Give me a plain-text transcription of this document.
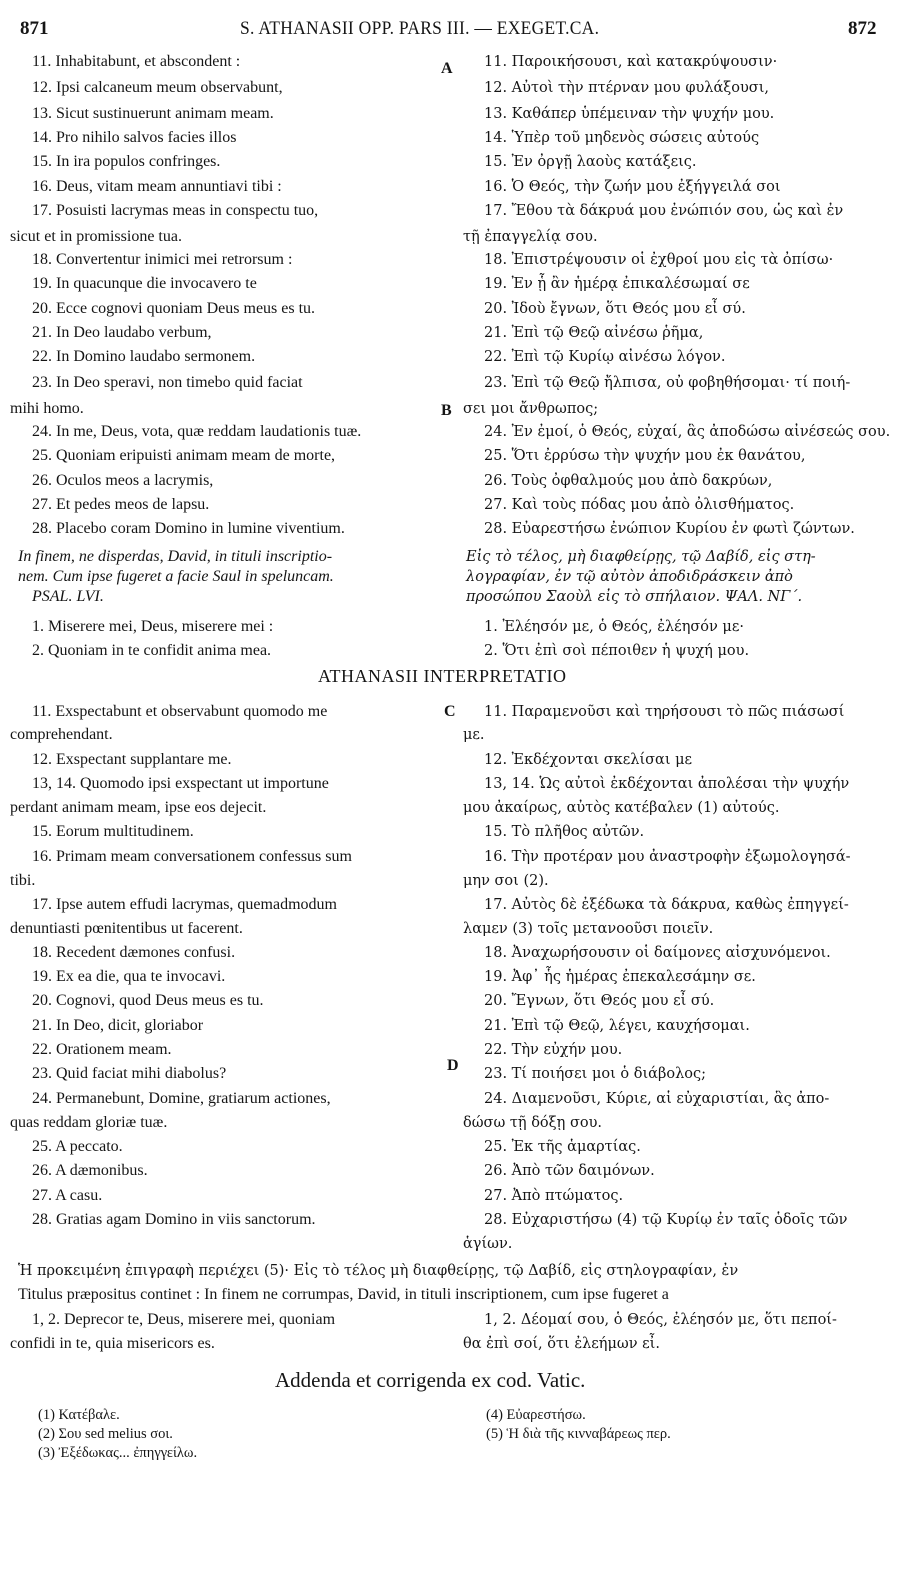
871	S. ATHANASII OPP. PARS III. — EXEGET.CA.	872
A
B
C
D
11. Inhabitabunt, et abscondent :
12. Ipsi calcaneum meum observabunt,
13. Sicut sustinuerunt animam meam.
14. Pro nihilo salvos facies illos
15. In ira populos confringes.
16. Deus, vitam meam annuntiavi tibi :
17. Posuisti lacrymas meas in conspectu tuo,
sicut et in promissione tua.
18. Convertentur inimici mei retrorsum :
19. In quacunque die invocavero te
20. Ecce cognovi quoniam Deus meus es tu.
21. In Deo laudabo verbum,
22. In Domino laudabo sermonem.
23. In Deo speravi, non timebo quid faciat
mihi homo.
24. In me, Deus, vota, quæ reddam laudationis tuæ.
25. Quoniam eripuisti animam meam de morte,
26. Oculos meos a lacrymis,
27. Et pedes meos de lapsu.
28. Placebo coram Domino in lumine viventium.
11. Παροικήσουσι, καὶ κατακρύψουσιν·
12. Αὐτοὶ τὴν πτέρναν μου φυλάξουσι,
13. Καθάπερ ὑπέμειναν τὴν ψυχήν μου.
14. Ὑπὲρ τοῦ μηδενὸς σώσεις αὐτούς
15. Ἐν ὀργῇ λαοὺς κατάξεις.
16. Ὁ Θεός, τὴν ζωήν μου ἐξήγγειλά σοι
17. Ἔθου τὰ δάκρυά μου ἐνώπιόν σου, ὡς καὶ ἐν
τῇ ἐπαγγελίᾳ σου.
18. Ἐπιστρέψουσιν οἱ ἐχθροί μου εἰς τὰ ὀπίσω·
19. Ἐν ᾗ ἂν ἡμέρᾳ ἐπικαλέσωμαί σε
20. Ἰδοὺ ἔγνων, ὅτι Θεός μου εἶ σύ.
21. Ἐπὶ τῷ Θεῷ αἰνέσω ῥῆμα,
22. Ἐπὶ τῷ Κυρίῳ αἰνέσω λόγον.
23. Ἐπὶ τῷ Θεῷ ἤλπισα, οὐ φοβηθήσομαι· τί ποιή-
σει μοι ἄνθρωπος;
24. Ἐν ἐμοί, ὁ Θεός, εὐχαί, ἃς ἀποδώσω αἰνέσεώς σου.
25. Ὅτι ἐρρύσω τὴν ψυχήν μου ἐκ θανάτου,
26. Τοὺς ὀφθαλμούς μου ἀπὸ δακρύων,
27. Καὶ τοὺς πόδας μου ἀπὸ ὀλισθήματος.
28. Εὐαρεστήσω ἐνώπιον Κυρίου ἐν φωτὶ ζώντων.
In finem, ne disperdas, David, in tituli inscriptio-
nem. Cum ipse fugeret a facie Saul in speluncam.
PSAL. LVI.
Εἰς τὸ τέλος, μὴ διαφθείρῃς, τῷ Δαβίδ, εἰς στη-
λογραφίαν, ἐν τῷ αὐτὸν ἀποδιδράσκειν ἀπὸ
προσώπου Σαοὺλ εἰς τὸ σπήλαιον. ΨΑΛ. ΝΓ΄.
1. Miserere mei, Deus, miserere mei :
2. Quoniam in te confidit anima mea.
1. Ἐλέησόν με, ὁ Θεός, ἐλέησόν με·
2. Ὅτι ἐπὶ σοὶ πέποιθεν ἡ ψυχή μου.
ATHANASII INTERPRETATIO
11. Exspectabunt et observabunt quomodo me
comprehendant.
12. Exspectant supplantare me.
13, 14. Quomodo ipsi exspectant ut importune
perdant animam meam, ipse eos dejecit.
15. Eorum multitudinem.
16. Primam meam conversationem confessus sum
tibi.
17. Ipse autem effudi lacrymas, quemadmodum
denuntiasti pœnitentibus ut facerent.
18. Recedent dæmones confusi.
19. Ex ea die, qua te invocavi.
20. Cognovi, quod Deus meus es tu.
21. In Deo, dicit, gloriabor
22. Orationem meam.
23. Quid faciat mihi diabolus?
24. Permanebunt, Domine, gratiarum actiones,
quas reddam gloriæ tuæ.
25. A peccato.
26. A dæmonibus.
27. A casu.
28. Gratias agam Domino in viis sanctorum.
11. Παραμενοῦσι καὶ τηρήσουσι τὸ πῶς πιάσωσί
με.
12. Ἐκδέχονται σκελίσαι με
13, 14. Ὡς αὐτοὶ ἐκδέχονται ἀπολέσαι τὴν ψυχήν
μου ἀκαίρως, αὐτὸς κατέβαλεν (1) αὐτούς.
15. Τὸ πλῆθος αὐτῶν.
16. Τὴν προτέραν μου ἀναστροφὴν ἐξωμολογησά-
μην σοι (2).
17. Αὐτὸς δὲ ἐξέδωκα τὰ δάκρυα, καθὼς ἐπηγγεί-
λαμεν (3) τοῖς μετανοοῦσι ποιεῖν.
18. Ἀναχωρήσουσιν οἱ δαίμονες αἰσχυνόμενοι.
19. Ἀφ᾽ ἧς ἡμέρας ἐπεκαλεσάμην σε.
20. Ἔγνων, ὅτι Θεός μου εἶ σύ.
21. Ἐπὶ τῷ Θεῷ, λέγει, καυχήσομαι.
22. Τὴν εὐχήν μου.
23. Τί ποιήσει μοι ὁ διάβολος;
24. Διαμενοῦσι, Κύριε, αἱ εὐχαριστίαι, ἃς ἀπο-
δώσω τῇ δόξῃ σου.
25. Ἐκ τῆς ἁμαρτίας.
26. Ἀπὸ τῶν δαιμόνων.
27. Ἀπὸ πτώματος.
28. Εὐχαριστήσω (4) τῷ Κυρίῳ ἐν ταῖς ὁδοῖς τῶν
ἁγίων.
Ἡ προκειμένη ἐπιγραφὴ περιέχει (5)· Εἰς τὸ τέλος μὴ διαφθείρῃς, τῷ Δαβίδ, εἰς στηλογραφίαν, ἐν
Titulus præpositus continet : In finem ne corrumpas, David, in tituli inscriptionem, cum ipse fugeret a
1, 2. Deprecor te, Deus, miserere mei, quoniam
confidi in te, quia misericors es.
1, 2. Δέομαί σου, ὁ Θεός, ἐλέησόν με, ὅτι πεποί-
θα ἐπὶ σοί, ὅτι ἐλεήμων εἶ.
Addenda et corrigenda ex cod. Vatic.
(1) Κατέβαλε.
(2) Σου sed melius σοι.
(3) Ἐξέδωκας... ἐπηγγείλω.
(4) Εὐαρεστήσω.
(5) Ἡ διὰ τῆς κινναβάρεως περ.
